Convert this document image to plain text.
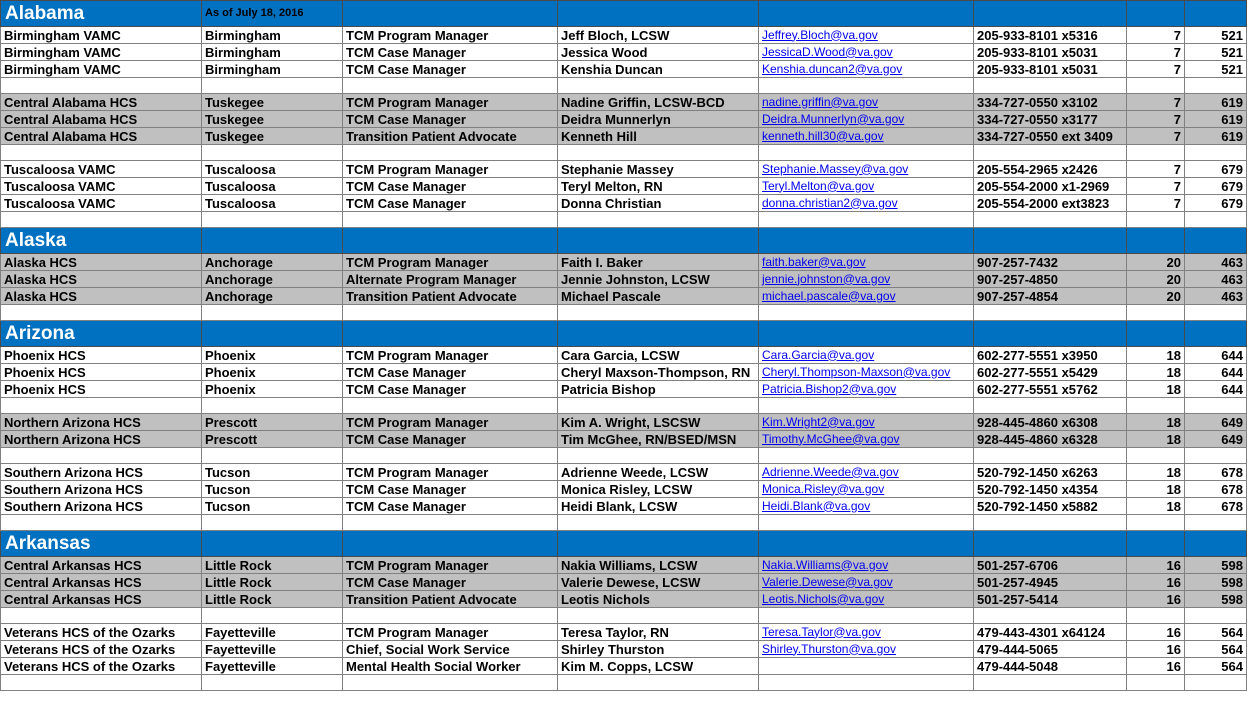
Alabama	As of July 18, 2016						
Birmingham VAMC	Birmingham	TCM Program Manager	Jeff Bloch, LCSW	Jeffrey.Bloch@va.gov	205-933-8101 x5316	7	521
Birmingham VAMC	Birmingham	TCM Case Manager	Jessica Wood	JessicaD.Wood@va.gov	205-933-8101 x5031	7	521
Birmingham VAMC	Birmingham	TCM Case Manager	Kenshia Duncan	Kenshia.duncan2@va.gov	205-933-8101 x5031	7	521

Central Alabama HCS	Tuskegee	TCM Program Manager	Nadine Griffin, LCSW-BCD	nadine.griffin@va.gov	334-727-0550 x3102	7	619
Central Alabama HCS	Tuskegee	TCM Case Manager	Deidra Munnerlyn	Deidra.Munnerlyn@va.gov	334-727-0550 x3177	7	619
Central Alabama HCS	Tuskegee	Transition Patient Advocate	Kenneth Hill	kenneth.hill30@va.gov	334-727-0550 ext 3409	7	619

Tuscaloosa VAMC	Tuscaloosa	TCM Program Manager	Stephanie Massey	Stephanie.Massey@va.gov	205-554-2965 x2426	7	679
Tuscaloosa VAMC	Tuscaloosa	TCM Case Manager	Teryl Melton, RN	Teryl.Melton@va.gov	205-554-2000 x1-2969	7	679
Tuscaloosa VAMC	Tuscaloosa	TCM Case Manager	Donna Christian	donna.christian2@va.gov	205-554-2000 ext3823	7	679

Alaska							
Alaska HCS	Anchorage	TCM Program Manager	Faith I. Baker	faith.baker@va.gov	907-257-7432	20	463
Alaska HCS	Anchorage	Alternate Program Manager	Jennie Johnston, LCSW	jennie.johnston@va.gov	907-257-4850	20	463
Alaska HCS	Anchorage	Transition Patient Advocate	Michael Pascale	michael.pascale@va.gov	907-257-4854	20	463

Arizona							
Phoenix HCS	Phoenix	TCM Program Manager	Cara Garcia, LCSW	Cara.Garcia@va.gov	602-277-5551 x3950	18	644
Phoenix HCS	Phoenix	TCM Case Manager	Cheryl Maxson-Thompson, RN	Cheryl.Thompson-Maxson@va.gov	602-277-5551 x5429	18	644
Phoenix HCS	Phoenix	TCM Case Manager	Patricia Bishop	Patricia.Bishop2@va.gov	602-277-5551 x5762	18	644

Northern Arizona HCS	Prescott	TCM Program Manager	Kim A. Wright, LSCSW	Kim.Wright2@va.gov	928-445-4860 x6308	18	649
Northern Arizona HCS	Prescott	TCM Case Manager	Tim McGhee, RN/BSED/MSN	Timothy.McGhee@va.gov	928-445-4860 x6328	18	649

Southern Arizona HCS	Tucson	TCM Program Manager	Adrienne Weede, LCSW	Adrienne.Weede@va.gov	520-792-1450 x6263	18	678
Southern Arizona HCS	Tucson	TCM Case Manager	Monica Risley, LCSW	Monica.Risley@va.gov	520-792-1450 x4354	18	678
Southern Arizona HCS	Tucson	TCM Case Manager	Heidi Blank, LCSW	Heidi.Blank@va.gov	520-792-1450 x5882	18	678

Arkansas							
Central Arkansas HCS	Little Rock	TCM Program Manager	Nakia Williams, LCSW	Nakia.Williams@va.gov	501-257-6706	16	598
Central Arkansas HCS	Little Rock	TCM Case Manager	Valerie Dewese, LCSW	Valerie.Dewese@va.gov	501-257-4945	16	598
Central Arkansas HCS	Little Rock	Transition Patient Advocate	Leotis Nichols	Leotis.Nichols@va.gov	501-257-5414	16	598

Veterans HCS of the Ozarks	Fayetteville	TCM Program Manager	Teresa Taylor, RN	Teresa.Taylor@va.gov	479-443-4301 x64124	16	564
Veterans HCS of the Ozarks	Fayetteville	Chief, Social Work Service	Shirley Thurston	Shirley.Thurston@va.gov	479-444-5065	16	564
Veterans HCS of the Ozarks	Fayetteville	Mental Health Social Worker	Kim M. Copps, LCSW		479-444-5048	16	564
